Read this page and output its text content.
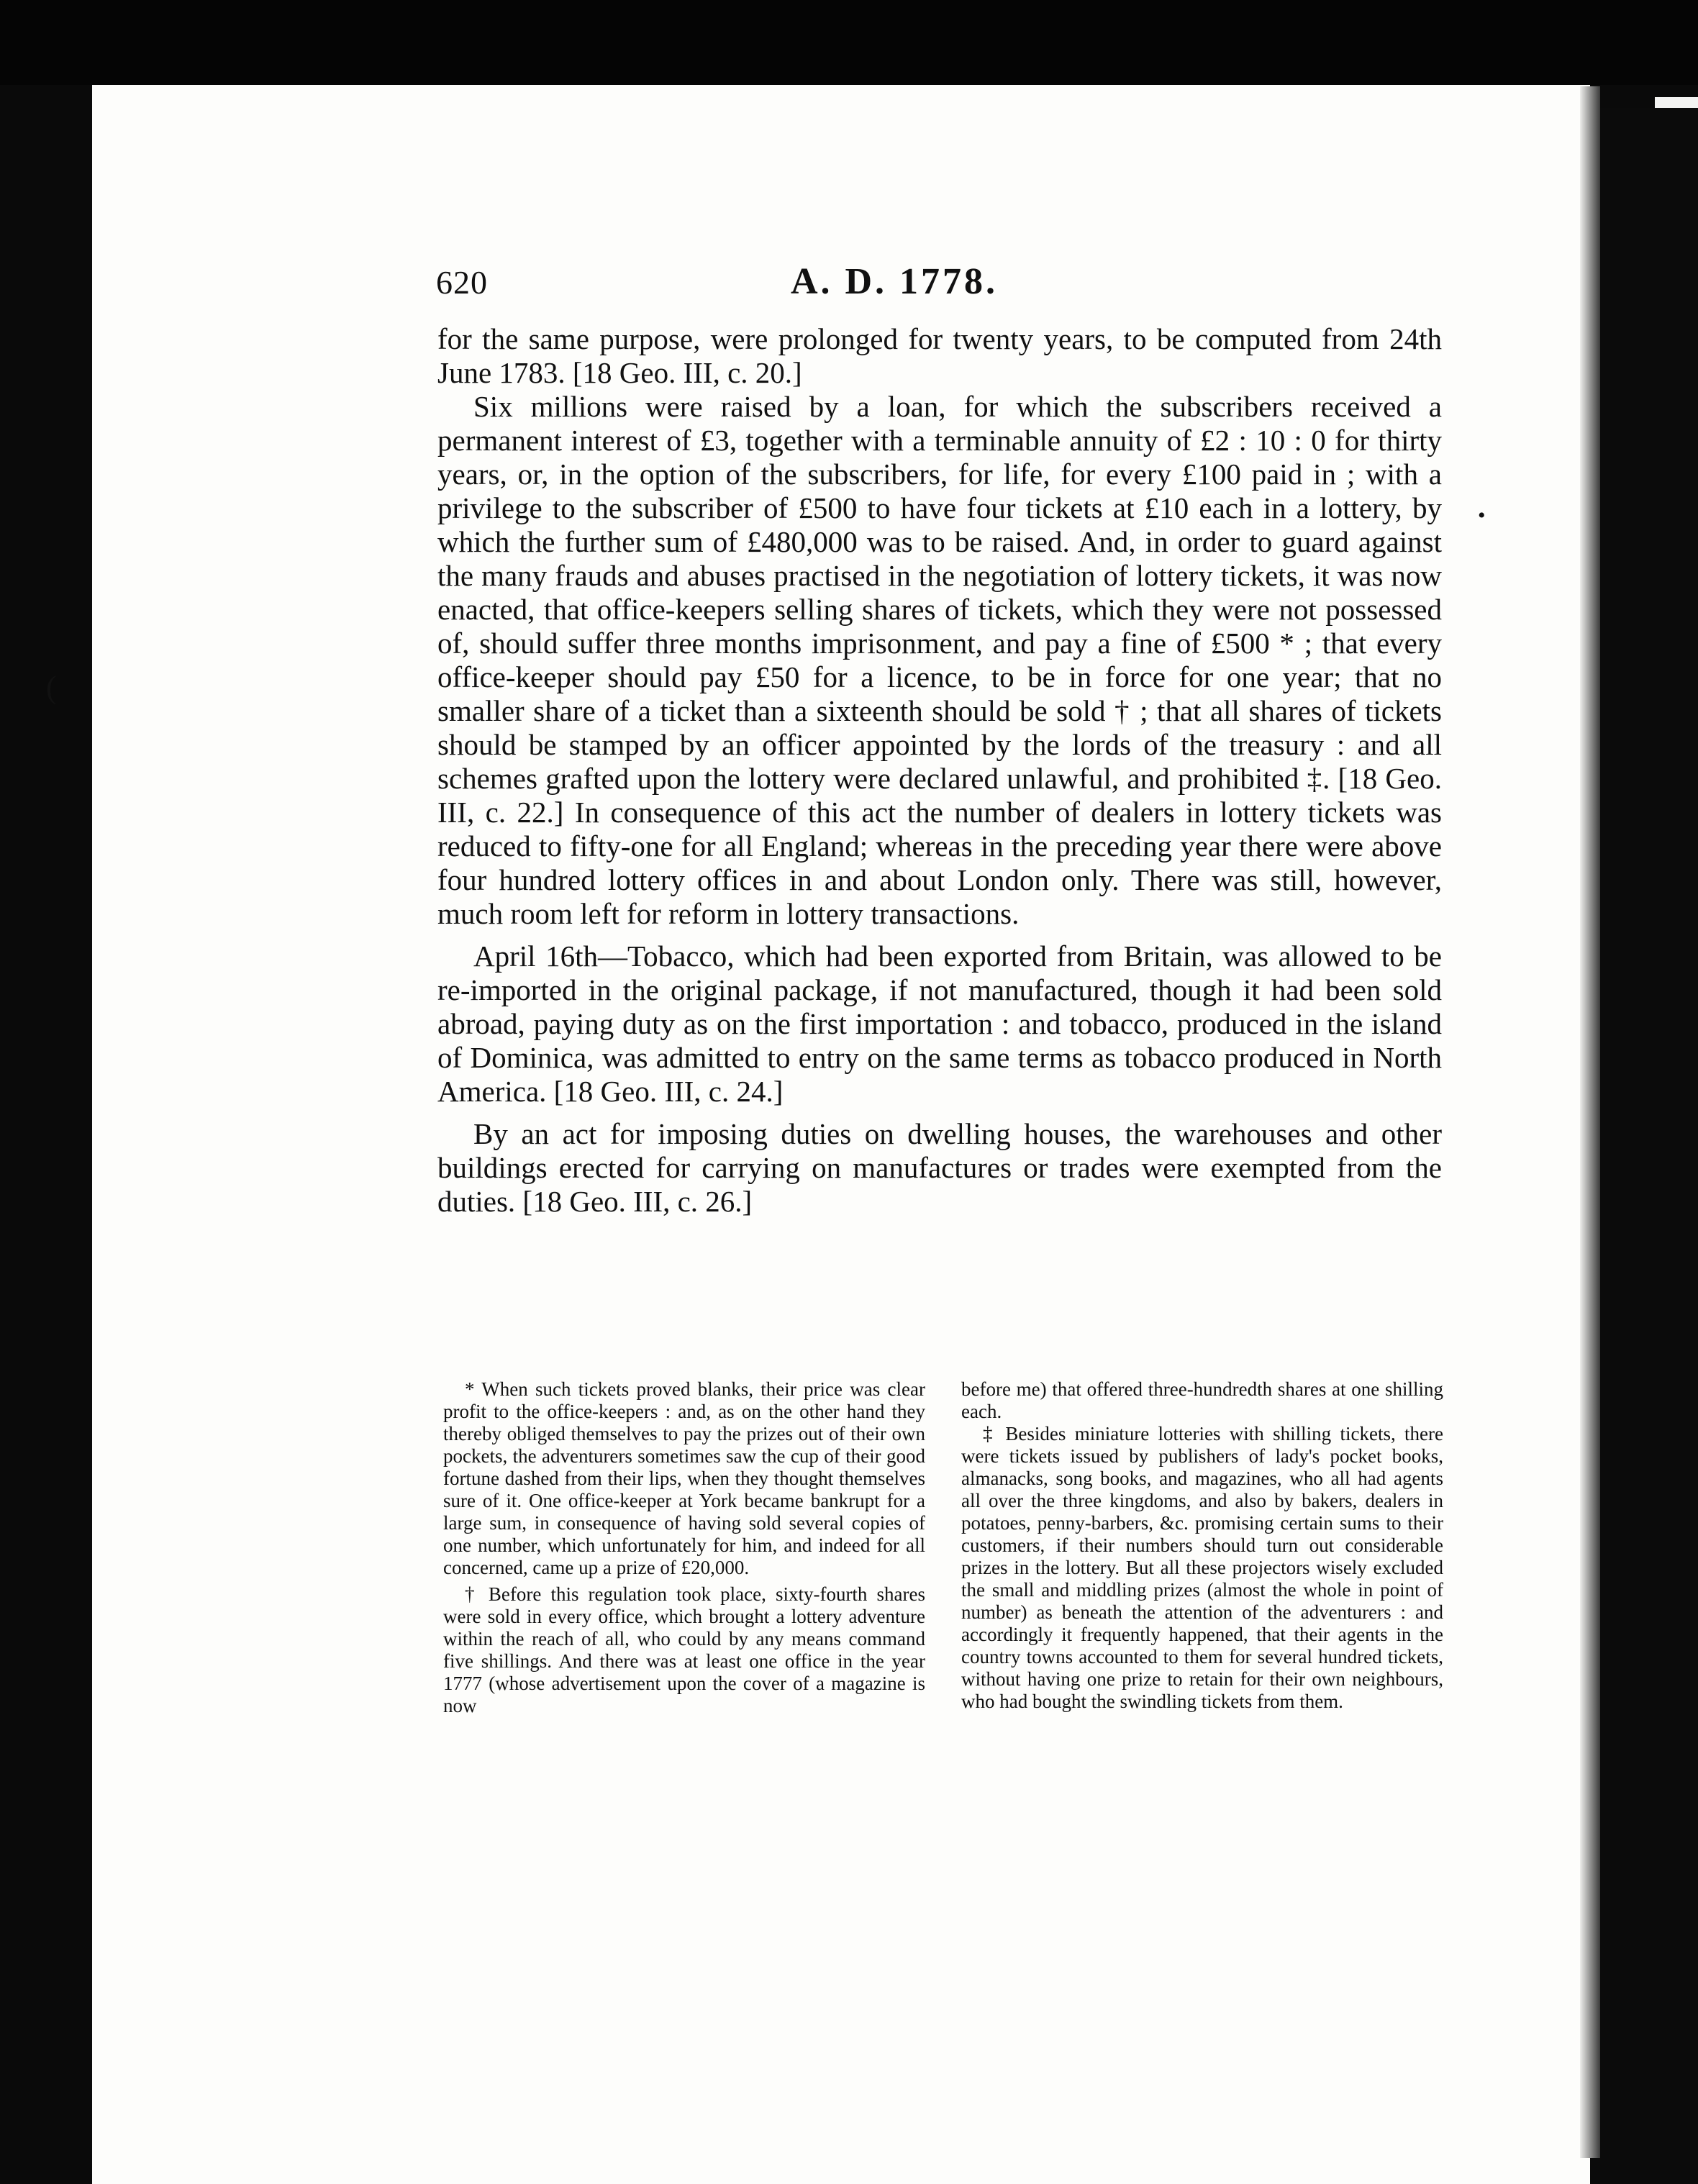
620	A. D. 1778.

for the same purpose, were prolonged for twenty years, to be computed from 24th June 1783. [18 Geo. III, c. 20.]

Six millions were raised by a loan, for which the subscribers received a permanent interest of £3, together with a terminable annuity of £2 : 10 : 0 for thirty years, or, in the option of the subscribers, for life, for every £100 paid in ; with a privilege to the subscriber of £500 to have four tickets at £10 each in a lottery, by which the further sum of £480,000 was to be raised. And, in order to guard against the many frauds and abuses practised in the negotiation of lottery tickets, it was now enacted, that office-keepers selling shares of tickets, which they were not possessed of, should suffer three months imprisonment, and pay a fine of £500 * ; that every office-keeper should pay £50 for a licence, to be in force for one year; that no smaller share of a ticket than a sixteenth should be sold † ; that all shares of tickets should be stamped by an officer appointed by the lords of the treasury : and all schemes grafted upon the lottery were declared unlawful, and prohibited ‡. [18 Geo. III, c. 22.] In consequence of this act the number of dealers in lottery tickets was reduced to fifty-one for all England; whereas in the preceding year there were above four hundred lottery offices in and about London only. There was still, however, much room left for reform in lottery transactions.

April 16th—Tobacco, which had been exported from Britain, was allowed to be re-imported in the original package, if not manufactured, though it had been sold abroad, paying duty as on the first importation : and tobacco, produced in the island of Dominica, was admitted to entry on the same terms as tobacco produced in North America. [18 Geo. III, c. 24.]

By an act for imposing duties on dwelling houses, the warehouses and other buildings erected for carrying on manufactures or trades were exempted from the duties. [18 Geo. III, c. 26.]

* When such tickets proved blanks, their price was clear profit to the office-keepers : and, as on the other hand they thereby obliged themselves to pay the prizes out of their own pockets, the adventurers sometimes saw the cup of their good fortune dashed from their lips, when they thought themselves sure of it. One office-keeper at York became bankrupt for a large sum, in consequence of having sold several copies of one number, which unfortunately for him, and indeed for all concerned, came up a prize of £20,000.

† Before this regulation took place, sixty-fourth shares were sold in every office, which brought a lottery adventure within the reach of all, who could by any means command five shillings. And there was at least one office in the year 1777 (whose advertisement upon the cover of a magazine is now

before me) that offered three-hundredth shares at one shilling each.

‡ Besides miniature lotteries with shilling tickets, there were tickets issued by publishers of lady's pocket books, almanacks, song books, and magazines, who all had agents all over the three kingdoms, and also by bakers, dealers in potatoes, penny-barbers, &c. promising certain sums to their customers, if their numbers should turn out considerable prizes in the lottery. But all these projectors wisely excluded the small and middling prizes (almost the whole in point of number) as beneath the attention of the adventurers : and accordingly it frequently happened, that their agents in the country towns accounted to them for several hundred tickets, without having one prize to retain for their own neighbours, who had bought the swindling tickets from them.

(
•
